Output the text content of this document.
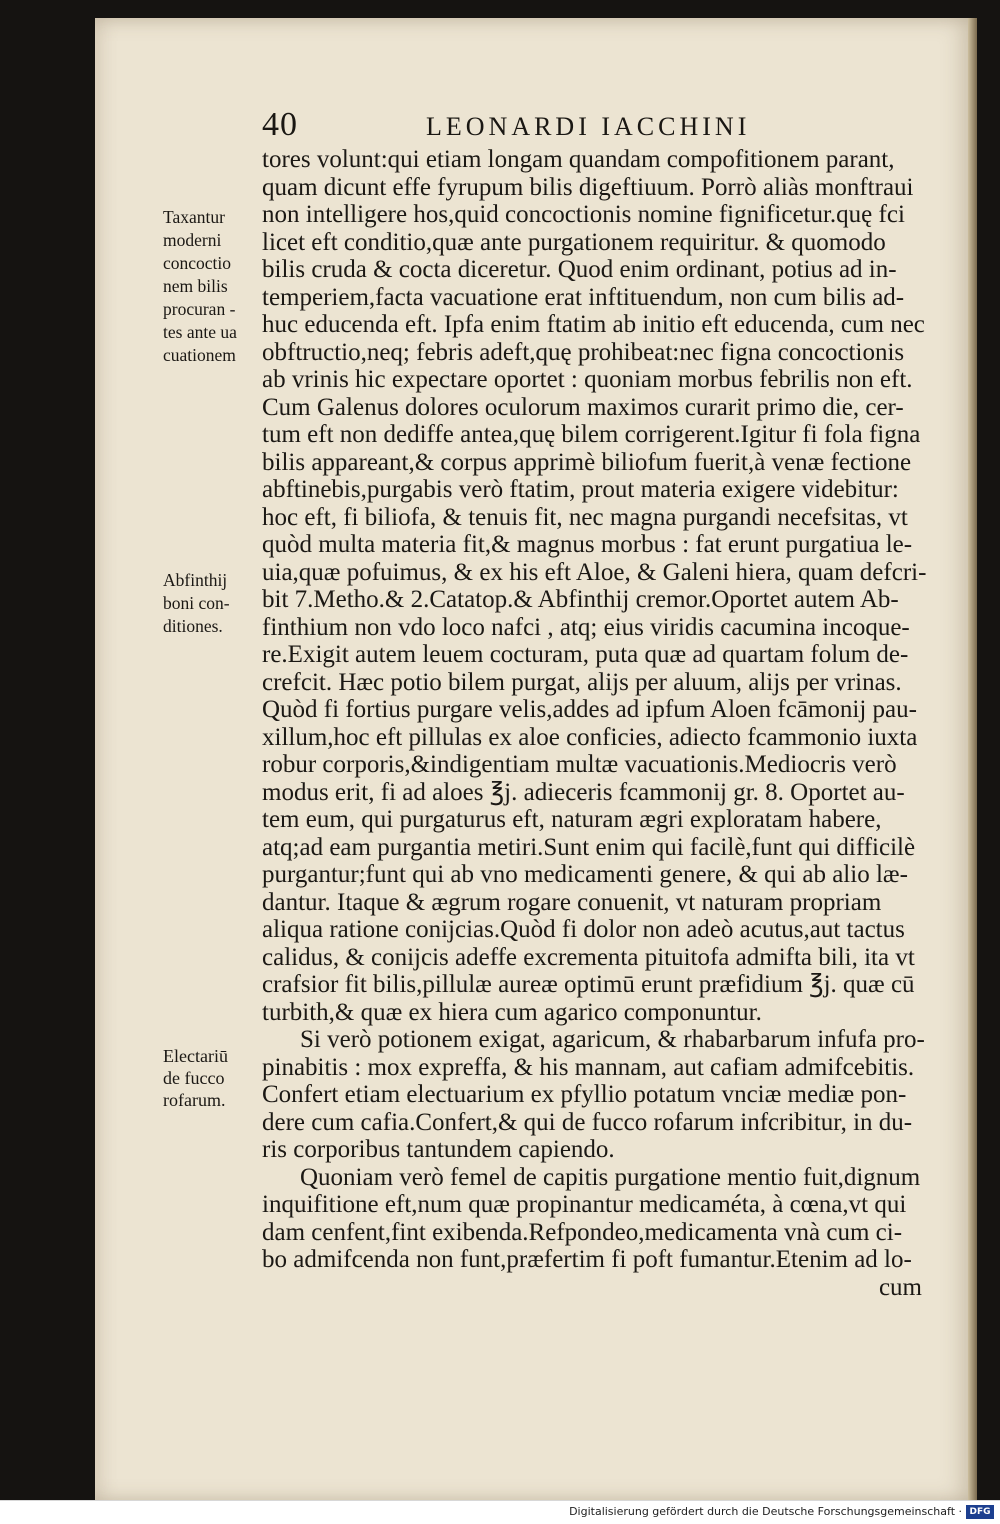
40	LEONARDI IACCHINI
Taxantur
moderni
concoctio
nem bilis
procuran -
tes ante ua
cuationem
Abfinthij
boni con-
ditiones.
Electariū
de fucco
rofarum.
tores volunt:qui etiam longam quandam compofitionem parant,
quam dicunt effe fyrupum bilis digeftiuum. Porrò aliàs monftraui
non intelligere hos,quid concoctionis nomine fignificetur.quę fci
licet eft conditio,quæ ante purgationem requiritur. & quomodo
bilis cruda & cocta diceretur. Quod enim ordinant, potius ad in-
temperiem,facta vacuatione erat inftituendum, non cum bilis ad-
huc educenda eft. Ipfa enim ftatim ab initio eft educenda, cum nec
obftructio,neq; febris adeft,quę prohibeat:nec figna concoctionis
ab vrinis hic expectare oportet : quoniam morbus febrilis non eft.
Cum Galenus dolores oculorum maximos curarit primo die, cer-
tum eft non dediffe antea,quę bilem corrigerent.Igitur fi fola figna
bilis appareant,& corpus apprimè biliofum fuerit,à venæ fectione
abftinebis,purgabis verò ftatim, prout materia exigere videbitur:
hoc eft, fi biliofa, & tenuis fit, nec magna purgandi necefsitas, vt
quòd multa materia fit,& magnus morbus : fat erunt purgatiua le-
uia,quæ pofuimus, & ex his eft Aloe, & Galeni hiera, quam defcri-
bit 7.Metho.& 2.Catatop.& Abfinthij cremor.Oportet autem Ab-
finthium non vdo loco nafci , atq; eius viridis cacumina incoque-
re.Exigit autem leuem cocturam, puta quæ ad quartam folum de-
crefcit. Hæc potio bilem purgat, alijs per aluum, alijs per vrinas.
Quòd fi fortius purgare velis,addes ad ipfum Aloen fcāmonij pau-
xillum,hoc eft pillulas ex aloe conficies, adiecto fcammonio iuxta
robur corporis,&indigentiam multæ vacuationis.Mediocris verò
modus erit, fi ad aloes ℥j. adieceris fcammonij gr. 8. Oportet au-
tem eum, qui purgaturus eft, naturam ægri exploratam habere,
atq;ad eam purgantia metiri.Sunt enim qui facilè,funt qui difficilè
purgantur;funt qui ab vno medicamenti genere, & qui ab alio læ-
dantur. Itaque & ægrum rogare conuenit, vt naturam propriam
aliqua ratione conijcias.Quòd fi dolor non adeò acutus,aut tactus
calidus, & conijcis adeffe excrementa pituitofa admifta bili, ita vt
crafsior fit bilis,pillulæ aureæ optimū erunt præfidium ℥j. quæ cū
turbith,& quæ ex hiera cum agarico componuntur.
Si verò potionem exigat, agaricum, & rhabarbarum infufa pro-
pinabitis : mox expreffa, & his mannam, aut cafiam admifcebitis.
Confert etiam electuarium ex pfyllio potatum vnciæ mediæ pon-
dere cum cafia.Confert,& qui de fucco rofarum infcribitur, in du-
ris corporibus tantundem capiendo.
Quoniam verò femel de capitis purgatione mentio fuit,dignum
inquifitione eft,num quæ propinantur medicaméta, à cœna,vt qui
dam cenfent,fint exibenda.Refpondeo,medicamenta vnà cum ci-
bo admifcenda non funt,præfertim fi poft fumantur.Etenim ad lo-
cum
Digitalisierung gefördert durch die Deutsche Forschungsgemeinschaft · DFG
